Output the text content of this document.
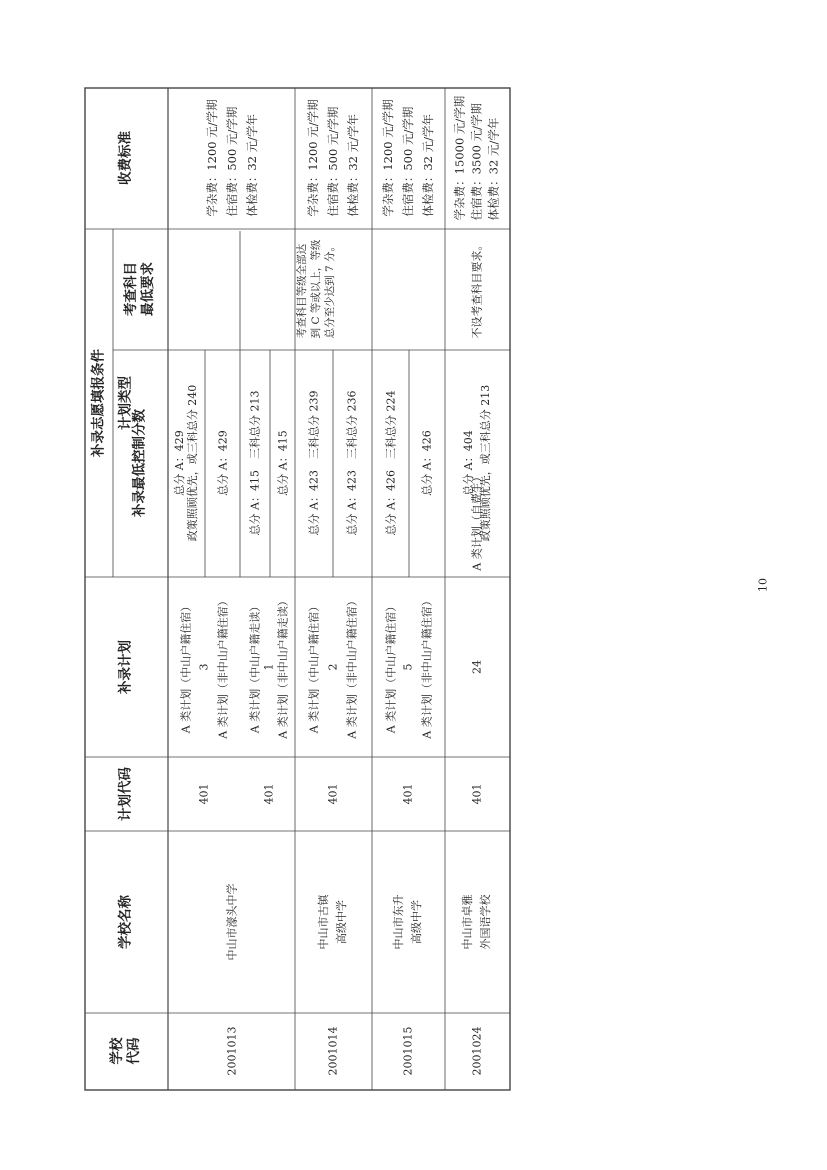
学校
代码
学校名称
计划代码
补录计划
计划类型
补录志愿填报条件
补录最低控制分数
考查科目
最低要求
收费标准
2001013
中山市濠头中学
401	401
3	1
A 类计划（中山户籍住宿） A 类计划（非中山户籍住宿） A 类计划（中山户籍走读） A 类计划（非中山户籍走读）
总分 A：429
政策照顾优先，或三科总分 240
总分 A：429 总分 A：415　三科总分 213 总分 A：415
学杂费：1200 元/学期
住宿费：500 元/学期
体检费：32 元/学年
考查科目等级全部达
到 C 等或以上，等级
总分至少达到 7 分。
2001014
中山市古镇
高级中学
401
2
A 类计划（中山户籍住宿） A 类计划（非中山户籍住宿）
总分 A：423　三科总分 239 总分 A：423　三科总分 236
学杂费：1200 元/学期
住宿费：500 元/学期
体检费：32 元/学年
2001015
中山市东升
高级中学
401
5
A 类计划（中山户籍住宿） A 类计划（非中山户籍住宿）
总分 A：426　三科总分 224 总分 A：426
学杂费：1200 元/学期
住宿费：500 元/学期
体检费：32 元/学年
2001024
中山市卓雅
外国语学校
401
24
A 类计划（自费生）
总分 A：404
政策照顾优先，或三科总分 213
不设考查科目要求。
学杂费：15000 元/学期
住宿费：3500 元/学期
体检费：32 元/学年
10
